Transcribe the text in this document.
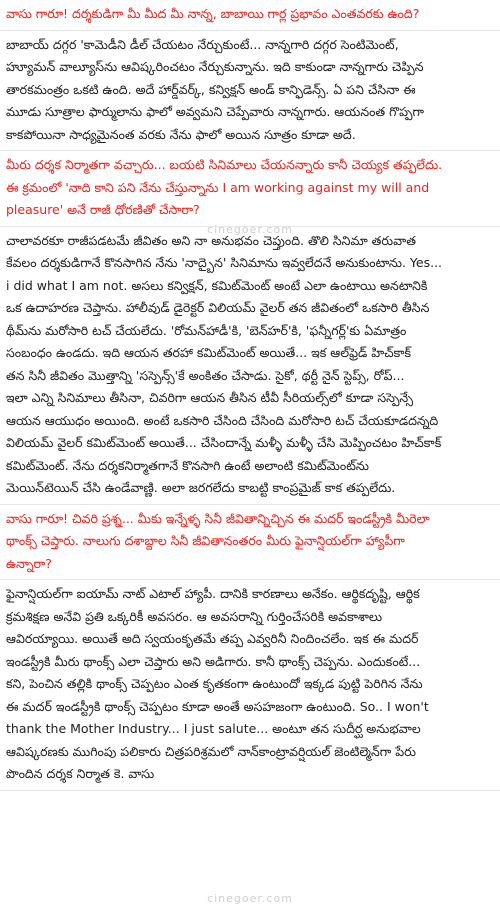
cinegoer.com
cinegoer.com
వాసు గారూ! దర్శకుడిగా మీ మీద మీ నాన్న, బాబాయి గార్ల ప్రభావం ఎంతవరకు ఉంది?
బాబాయ్ దగ్గర 'కామెడీని డీల్ చేయటం నేర్చుకుంటే... నాన్నగారి దగ్గర సెంటిమెంట్,
హ్యూమన్ వాల్యూస్‌ను ఆవిష్కరించటం నేర్చుకున్నాను. ఇది కాకుండా నాన్నగారు చెప్పిన
తారకమంత్రం ఒకటి ఉంది. అదే హార్డ్‌వర్క్, కన్విక్షన్ అండ్ కాన్ఫిడెన్స్. ఏ పని చేసినా ఈ
మూడు సూత్రాల ఫార్ములాను ఫాలో అవ్వమని చెప్పేవారు నాన్నగారు. ఆయనంత గొప్పగా
కాకపోయినా సాధ్యమైనంత వరకు నేను ఫాలో అయిన సూత్రం కూడా అదే.
మీరు దర్శక నిర్మాతగా వచ్చారు... బయటి సినిమాలు చేయనన్నారు కానీ చెయ్యక తప్పలేదు.
ఈ క్రమంలో 'నాది కాని పని నేను చేస్తున్నాను I am working against my will and
pleasure' అనే రాజీ ధోరణితో చేసారా?
చాలావరకూ రాజీపడటమే జీవితం అని నా అనుభవం చెప్తుంది. తొలి సినిమా తరువాత
కేవలం దర్శకుడిగానే కొనసాగిన నేను 'నాద్బైన' సినిమాను ఇవ్వలేదనే అనుకుంటాను. Yes...
i did what I am not. అసలు కన్విక్షన్, కమిట్‌మెంట్ అంటే ఎలా ఉంటాయి అనటానికి
ఒక ఉదాహరణ చెప్తాను. హాలీవుడ్ డైరెక్టర్ విలియమ్ వైలర్ తన జీవితంలో ఒకసారి తీసిన
థీమ్‌ను మరోసారి టచ్ చేయలేదు. 'రోమన్‌హాడీ'కి, 'బెన్‌హర్'కి, 'ఫన్నీగర్ల్'కు ఏమాత్రం
సంబంధం ఉండదు. ఇది ఆయన తరహా కమిట్‌మెంట్ అయితే... ఇక ఆల్‌ఫ్రెడ్ హిచ్‌కాక్
తన సినీ జీవితం మొత్తాన్ని 'సస్పెన్స్‌'కే అంకితం చేసాడు. సైకో, థర్టీ నైన్ స్టెప్స్, రోప్...
ఇలా ఎన్ని సినిమాలు తీసినా, చివరిగా ఆయన తీసిన టీవీ సీరియల్స్‌లో కూడా సస్పెన్సే
ఆయన ఆయుధం అయింది. అంటే ఒకసారి చేసింది చేసింది మరోసారి టచ్ చేయకూడదన్నది
విలియమ్ వైలర్ కమిట్‌మెంట్ అయితే... చేసిందాన్నే మళ్ళీ మళ్ళీ చేసి మెప్పించటం హిచ్‌కాక్
కమిట్‌మెంట్. నేను దర్శకనిర్మాతగానే కొనసాగి ఉంటే అలాంటి కమిట్‌మెంట్‌ను
మెయిన్‌టెయిన్ చేసి ఉండేవాణ్ణి. అలా జరగలేదు కాబట్టి కాంప్రమైజ్ కాక తప్పలేదు.
వాసు గారూ! చివరి ప్రశ్న... మీకు ఇన్నేళ్ళ సినీ జీవితాన్నిచ్చిన ఈ మదర్ ఇండస్ట్రీకి మీరెలా
థాంక్స్ చెప్తారు. నాలుగు దశాబ్దాల సినీ జీవితానంతరం మీరు ఫైనాన్షియల్‌గా హ్యాపీగా
ఉన్నారా?
ఫైనాన్షియల్‌గా ఐయామ్ నాట్ ఎటాల్ హ్యాపీ. దానికి కారణాలు అనేకం. ఆర్థికదృష్టి, ఆర్థిక
క్రమశిక్షణ అనేవి ప్రతి ఒక్కరికీ అవసరం. ఆ అవసరాన్ని గుర్తించేసరికి అవకాశాలు
ఆవిరయ్యాయి. అయితే అది స్వయంకృతమే తప్ప ఎవ్వరినీ నిందించలేం. ఇక ఈ మదర్
ఇండస్ట్రీకి మీరు థాంక్స్ ఎలా చెప్తారు అని అడిగారు. కానీ థాంక్స్ చెప్పను. ఎందుకంటే...
కని, పెంచిన తల్లికి థాంక్స్ చెప్పటం ఎంత కృతకంగా ఉంటుందో ఇక్కడ పుట్టి పెరిగిన నేను
ఈ మదర్ ఇండస్ట్రీకి థాంక్స్ చెప్పటం కూడా అంతే అసహజంగా ఉంటుంది. So.. I won't
thank the Mother Industry... I just salute... అంటూ తన సుదీర్ఘ అనుభవాల
ఆవిష్కరణకు ముగింపు పలికారు చిత్రపరిశ్రమలో నాన్‌కాంట్రావర్షియల్ జెంటిల్మెన్‌గా పేరు
పొందిన దర్శక నిర్మాత కె. వాసు
